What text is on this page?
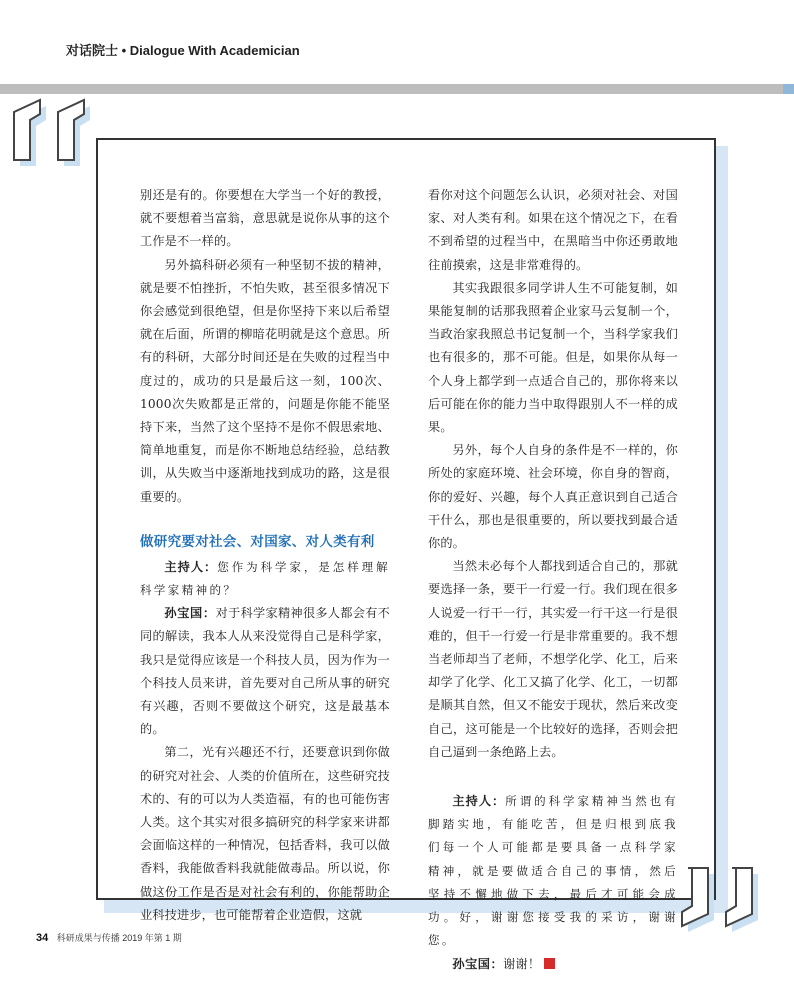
对话院士 • Dialogue With Academician

别还是有的。你要想在大学当一个好的教授，就不要想着当富翁，意思就是说你从事的这个工作是不一样的。

另外搞科研必须有一种坚韧不拔的精神，就是要不怕挫折，不怕失败，甚至很多情况下你会感觉到很绝望，但是你坚持下来以后希望就在后面，所谓的柳暗花明就是这个意思。所有的科研，大部分时间还是在失败的过程当中度过的，成功的只是最后这一刻，100次、1000次失败都是正常的，问题是你能不能坚持下来，当然了这个坚持不是你不假思索地、简单地重复，而是你不断地总结经验，总结教训，从失败当中逐渐地找到成功的路，这是很重要的。

做研究要对社会、对国家、对人类有利

主持人：您作为科学家，是怎样理解科学家精神的？

孙宝国：对于科学家精神很多人都会有不同的解读，我本人从来没觉得自己是科学家，我只是觉得应该是一个科技人员，因为作为一个科技人员来讲，首先要对自己所从事的研究有兴趣，否则不要做这个研究，这是最基本的。

第二，光有兴趣还不行，还要意识到你做的研究对社会、人类的价值所在，这些研究技术的、有的可以为人类造福，有的也可能伤害人类。这个其实对很多搞研究的科学家来讲都会面临这样的一种情况，包括香料，我可以做香料，我能做香料我就能做毒品。所以说，你做这份工作是否是对社会有利的，你能帮助企业科技进步，也可能帮着企业造假，这就

看你对这个问题怎么认识，必须对社会、对国家、对人类有利。如果在这个情况之下，在看不到希望的过程当中，在黑暗当中你还勇敢地往前摸索，这是非常难得的。

其实我跟很多同学讲人生不可能复制，如果能复制的话那我照着企业家马云复制一个，当政治家我照总书记复制一个，当科学家我们也有很多的，那不可能。但是，如果你从每一个人身上都学到一点适合自己的，那你将来以后可能在你的能力当中取得跟别人不一样的成果。

另外，每个人自身的条件是不一样的，你所处的家庭环境、社会环境，你自身的智商，你的爱好、兴趣，每个人真正意识到自己适合干什么，那也是很重要的，所以要找到最合适你的。

当然未必每个人都找到适合自己的，那就要选择一条，要干一行爱一行。我们现在很多人说爱一行干一行，其实爱一行干这一行是很难的，但干一行爱一行是非常重要的。我不想当老师却当了老师，不想学化学、化工，后来却学了化学、化工又搞了化学、化工，一切都是顺其自然，但又不能安于现状，然后来改变自己，这可能是一个比较好的选择，否则会把自己逼到一条绝路上去。

主持人：所谓的科学家精神当然也有脚踏实地，有能吃苦，但是归根到底我们每一个人可能都是要具备一点科学家精神，就是要做适合自己的事情，然后坚持不懈地做下去，最后才可能会成功。好，谢谢您接受我的采访，谢谢您。

孙宝国：谢谢！

34 科研成果与传播 2019 年第 1 期
